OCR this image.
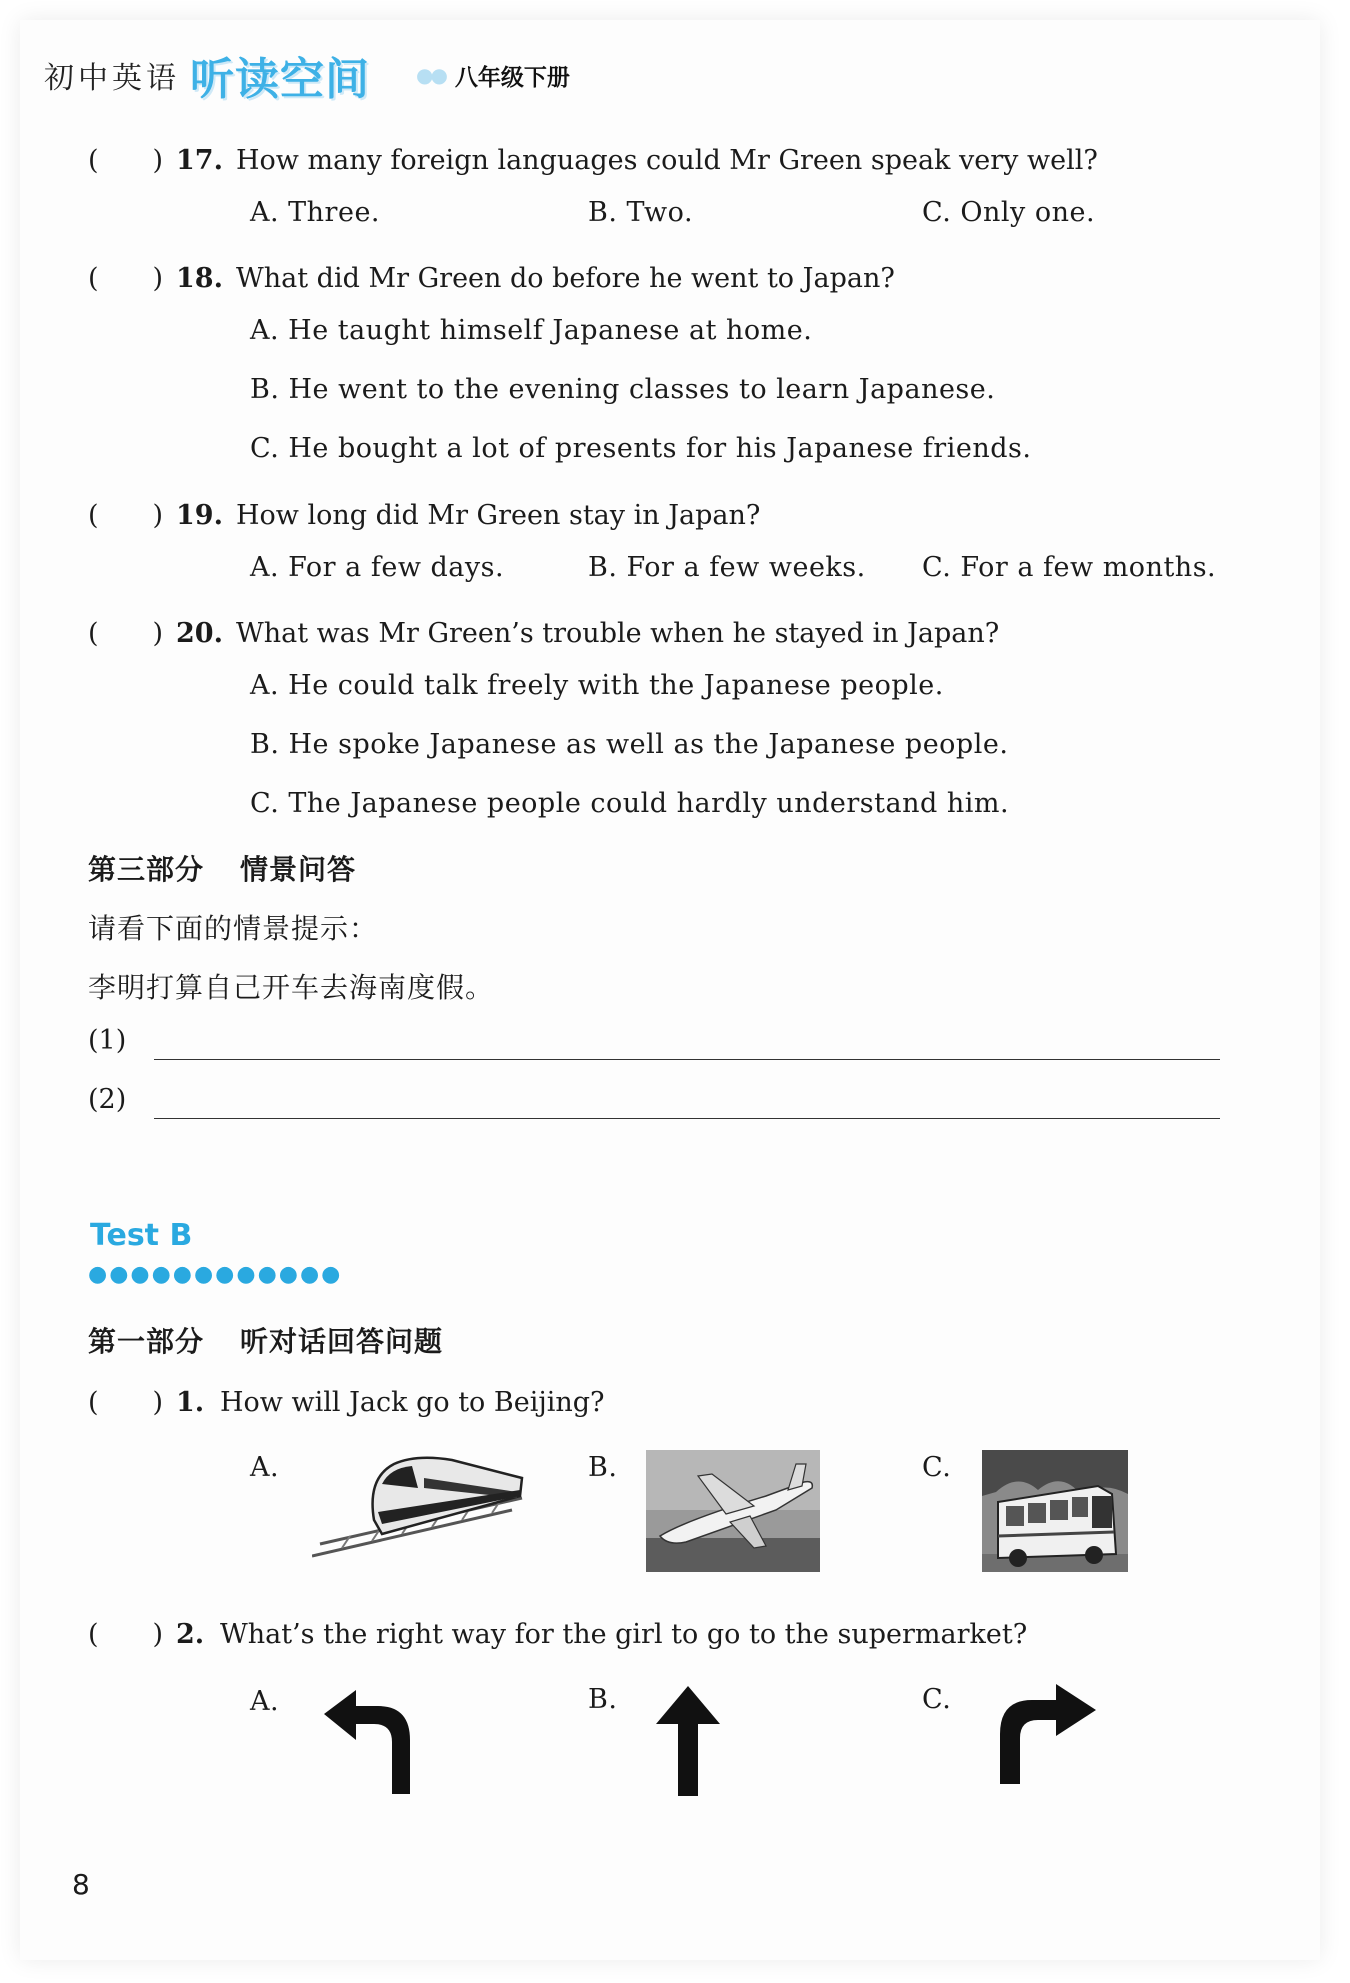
初中英语 听读空间 ●● 八年级下册
(　　) 17. How many foreign languages could Mr Green speak very well?
A. Three.	B. Two.	C. Only one.
(　　) 18. What did Mr Green do before he went to Japan?
A. He taught himself Japanese at home.
B. He went to the evening classes to learn Japanese.
C. He bought a lot of presents for his Japanese friends.
(　　) 19. How long did Mr Green stay in Japan?
A. For a few days.	B. For a few weeks. C. For a few months.
(　　) 20. What was Mr Green’s trouble when he stayed in Japan?
A. He could talk freely with the Japanese people.
B. He spoke Japanese as well as the Japanese people.
C. The Japanese people could hardly understand him.
第三部分 情景问答
请看下面的情景提示：
李明打算自己开车去海南度假。
(1)
(2)
Test B
●●●●●●●●●●●●
第一部分 听对话回答问题
(　　) 1. How will Jack go to Beijing?
A.	B.	C.
(　　) 2. What’s the right way for the girl to go to the supermarket?
A.	B.	C.
8
